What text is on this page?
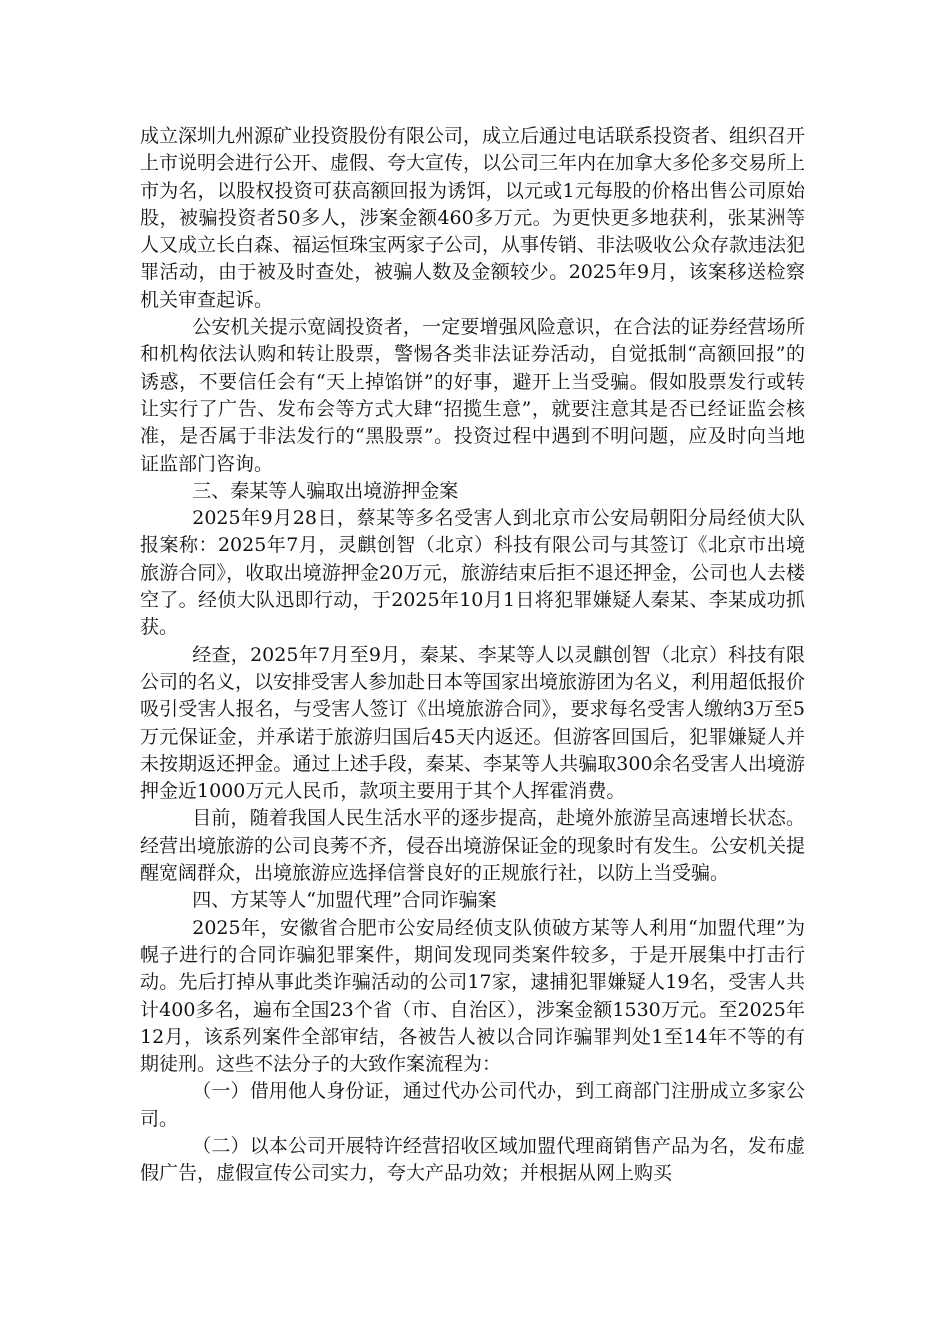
成立深圳九州源矿业投资股份有限公司，成立后通过电话联系投资者、组织召开上市说明会进行公开、虚假、夸大宣传，以公司三年内在加拿大多伦多交易所上市为名，以股权投资可获高额回报为诱饵，以元或1元每股的价格出售公司原始股，被骗投资者50多人，涉案金额460多万元。为更快更多地获利，张某洲等人又成立长白森、福运恒珠宝两家子公司，从事传销、非法吸收公众存款违法犯罪活动，由于被及时查处，被骗人数及金额较少。2025年9月，该案移送检察机关审查起诉。

公安机关提示宽阔投资者，一定要增强风险意识，在合法的证券经营场所和机构依法认购和转让股票，警惕各类非法证券活动，自觉抵制“高额回报”的诱惑，不要信任会有“天上掉馅饼”的好事，避开上当受骗。假如股票发行或转让实行了广告、发布会等方式大肆“招揽生意”，就要注意其是否已经证监会核准，是否属于非法发行的“黑股票”。投资过程中遇到不明问题，应及时向当地证监部门咨询。

三、秦某等人骗取出境游押金案

2025年9月28日，蔡某等多名受害人到北京市公安局朝阳分局经侦大队报案称：2025年7月，灵麒创智（北京）科技有限公司与其签订《北京市出境旅游合同》，收取出境游押金20万元，旅游结束后拒不退还押金，公司也人去楼空了。经侦大队迅即行动，于2025年10月1日将犯罪嫌疑人秦某、李某成功抓获。

经查，2025年7月至9月，秦某、李某等人以灵麒创智（北京）科技有限公司的名义，以安排受害人参加赴日本等国家出境旅游团为名义，利用超低报价吸引受害人报名，与受害人签订《出境旅游合同》，要求每名受害人缴纳3万至5万元保证金，并承诺于旅游归国后45天内返还。但游客回国后，犯罪嫌疑人并未按期返还押金。通过上述手段，秦某、李某等人共骗取300余名受害人出境游押金近1000万元人民币，款项主要用于其个人挥霍消费。

目前，随着我国人民生活水平的逐步提高，赴境外旅游呈高速增长状态。经营出境旅游的公司良莠不齐，侵吞出境游保证金的现象时有发生。公安机关提醒宽阔群众，出境旅游应选择信誉良好的正规旅行社，以防上当受骗。

四、方某等人“加盟代理”合同诈骗案

2025年，安徽省合肥市公安局经侦支队侦破方某等人利用“加盟代理”为幌子进行的合同诈骗犯罪案件，期间发现同类案件较多，于是开展集中打击行动。先后打掉从事此类诈骗活动的公司17家，逮捕犯罪嫌疑人19名，受害人共计400多名，遍布全国23个省（市、自治区），涉案金额1530万元。至2025年12月，该系列案件全部审结，各被告人被以合同诈骗罪判处1至14年不等的有期徒刑。这些不法分子的大致作案流程为：

（一）借用他人身份证，通过代办公司代办，到工商部门注册成立多家公司。

（二）以本公司开展特许经营招收区域加盟代理商销售产品为名，发布虚假广告，虚假宣传公司实力，夸大产品功效；并根据从网上购买
